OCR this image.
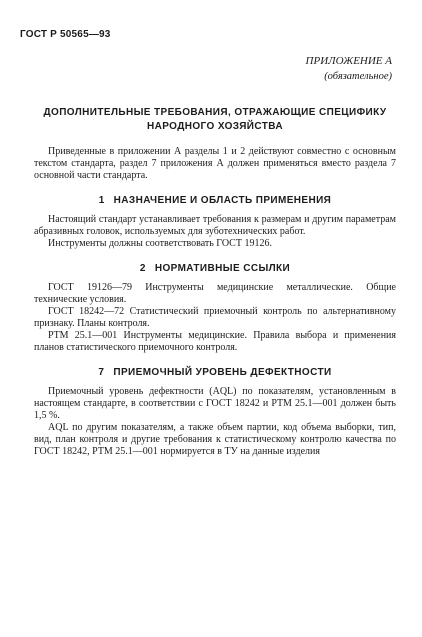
ГОСТ Р 50565—93
ПРИЛОЖЕНИЕ А
(обязательное)
ДОПОЛНИТЕЛЬНЫЕ ТРЕБОВАНИЯ, ОТРАЖАЮЩИЕ СПЕЦИФИКУ
НАРОДНОГО ХОЗЯЙСТВА

Приведенные в приложении А разделы 1 и 2 действуют совместно с основным текстом стандарта, раздел 7 приложения А должен применяться вместо раздела 7 основной части стандарта.

1 НАЗНАЧЕНИЕ И ОБЛАСТЬ ПРИМЕНЕНИЯ

Настоящий стандарт устанавливает требования к размерам и другим параметрам абразивных головок, используемых для зуботехнических работ.

Инструменты должны соответствовать ГОСТ 19126.

2 НОРМАТИВНЫЕ ССЫЛКИ

ГОСТ 19126—79 Инструменты медицинские металлические. Общие технические условия.

ГОСТ 18242—72 Статистический приемочный контроль по альтернативному признаку. Планы контроля.

РТМ 25.1—001 Инструменты медицинские. Правила выбора и применения планов статистического приемочного контроля.

7 ПРИЕМОЧНЫЙ УРОВЕНЬ ДЕФЕКТНОСТИ

Приемочный уровень дефектности (AQL) по показателям, установленным в настоящем стандарте, в соответствии с ГОСТ 18242 и РТМ 25.1—001 должен быть 1,5 %.

AQL по другим показателям, а также объем партии, код объема выборки, тип, вид, план контроля и другие требования к статистическому контролю качества по ГОСТ 18242, РТМ 25.1—001 нормируется в ТУ на данные изделия
